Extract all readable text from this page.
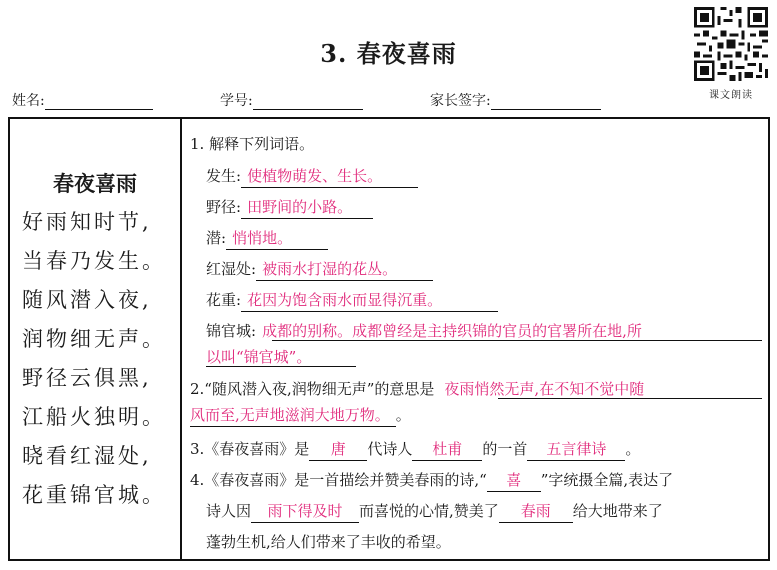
3. 春夜喜雨
课文朗读
姓名:	学号:	家长签字:
春夜喜雨
好雨知时节,
当春乃发生。
随风潜入夜,
润物细无声。
野径云俱黑,
江船火独明。
晓看红湿处,
花重锦官城。
1. 解释下列词语。
发生: 使植物萌发、生长。
野径: 田野间的小路。
潜: 悄悄地。
红湿处: 被雨水打湿的花丛。
花重: 花因为饱含雨水而显得沉重。
锦官城: 成都的别称。成都曾经是主持织锦的官员的官署所在地,所
以叫“锦官城”。
2.“随风潜入夜,润物细无声”的意思是 夜雨悄然无声,在不知不觉中随
风而至,无声地滋润大地万物。 。
3.《春夜喜雨》是 唐 代诗人 杜甫 的一首 五言律诗 。
4.《春夜喜雨》是一首描绘并赞美春雨的诗,“ 喜 ”字统摄全篇,表达了
诗人因 雨下得及时 而喜悦的心情,赞美了 春雨 给大地带来了
蓬勃生机,给人们带来了丰收的希望。
